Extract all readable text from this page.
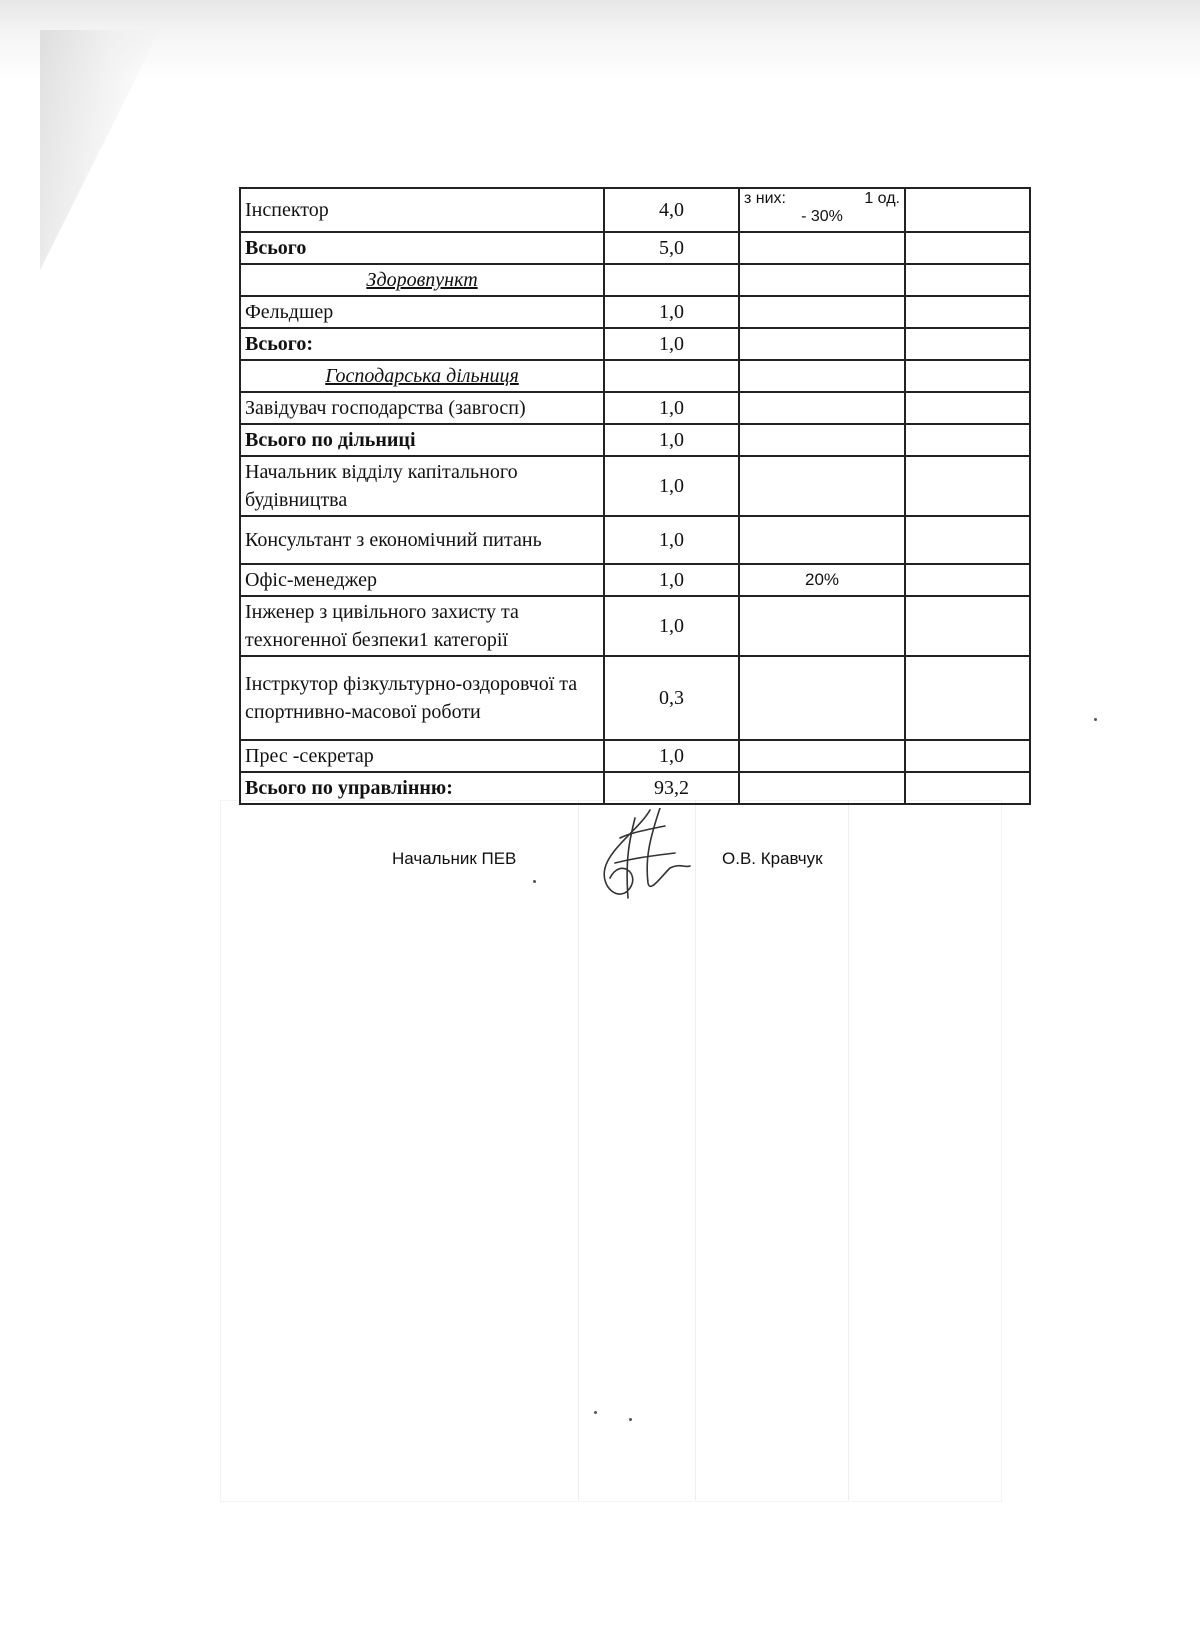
Інспектор	4,0	з них: 1 од.
- 30%	

Всього	5,0		
Здоровпункт			
Фельдшер	1,0		
Всього:	1,0		
Господарська дільниця			
Завідувач господарства (завгосп)	1,0		
Всього по дільниці	1,0		
Начальник відділу капітального будівництва	1,0		
Консультант з економічний питань	1,0		
Офіс-менеджер	1,0	20%	
Інженер з цивільного захисту та техногенної безпеки1 категорії	1,0		
Інстркутор фізкультурно-оздоровчої та спортнивно-масової роботи	0,3		
Прес -секретар	1,0		
Всього по управлінню:	93,2		
Начальник ПЕВ	О.В. Кравчук
